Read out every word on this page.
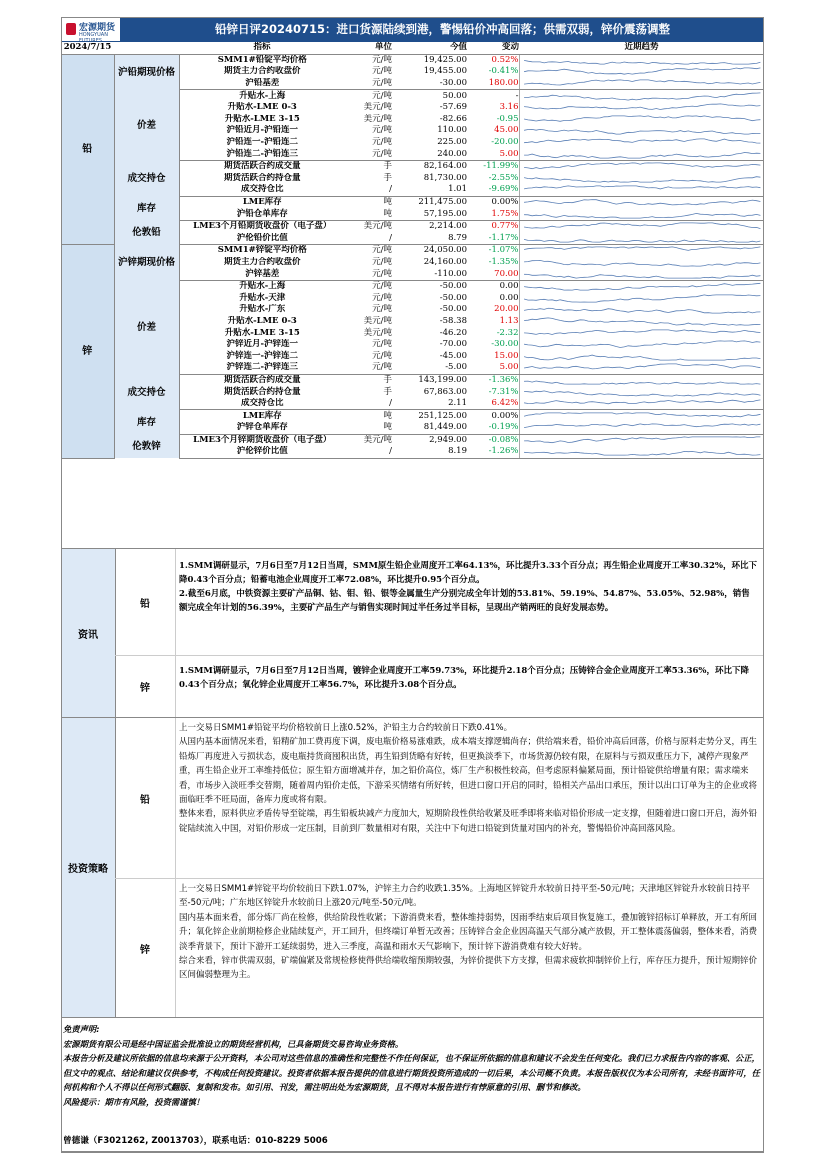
宏源期货
HONGYUAN FUTURES
铅锌日评20240715：进口货源陆续到港，警惕铅价冲高回落；供需双弱，锌价震荡调整
2024/7/15		指标	单位	今值	变动	近期趋势
铅	沪铅期现价格	SMM1#铅锭平均价格	元/吨	19,425.00	0.52%	

		期货主力合约收盘价	元/吨	19,455.00	-0.41%	

		沪铅基差	元/吨	-30.00	180.00	

	价差	升贴水-上海	元/吨	50.00	-	

		升贴水-LME 0-3	美元/吨	-57.69	3.16	

		升贴水-LME 3-15	美元/吨	-82.66	-0.95	

		沪铅近月-沪铅连一	元/吨	110.00	45.00	

		沪铅连一-沪铅连二	元/吨	225.00	-20.00	

		沪铅连二-沪铅连三	元/吨	240.00	5.00	

	成交持仓	期货活跃合约成交量	手	82,164.00	-11.99%	

		期货活跃合约持仓量	手	81,730.00	-2.55%	

		成交持仓比	/	1.01	-9.69%	

	库存	LME库存	吨	211,475.00	0.00%	

		沪铅仓单库存	吨	57,195.00	1.75%	

	伦敦铅	LME3个月铅期货收盘价（电子盘）	美元/吨	2,214.00	0.77%	

		沪伦铅价比值	/	8.79	-1.17%	

锌	沪锌期现价格	SMM1#锌锭平均价格	元/吨	24,050.00	-1.07%	

		期货主力合约收盘价	元/吨	24,160.00	-1.35%	

		沪锌基差	元/吨	-110.00	70.00	

	价差	升贴水-上海	元/吨	-50.00	0.00	

		升贴水-天津	元/吨	-50.00	0.00	

		升贴水-广东	元/吨	-50.00	20.00	

		升贴水-LME 0-3	美元/吨	-58.38	1.13	

		升贴水-LME 3-15	美元/吨	-46.20	-2.32	

		沪锌近月-沪锌连一	元/吨	-70.00	-30.00	

		沪锌连一-沪锌连二	元/吨	-45.00	15.00	

		沪锌连二-沪锌连三	元/吨	-5.00	5.00	

	成交持仓	期货活跃合约成交量	手	143,199.00	-1.36%	

		期货活跃合约持仓量	手	67,863.00	-7.31%	

		成交持仓比	/	2.11	6.42%	

	库存	LME库存	吨	251,125.00	0.00%	

		沪锌仓单库存	吨	81,449.00	-0.19%	

	伦敦锌	LME3个月锌期货收盘价（电子盘）	美元/吨	2,949.00	-0.08%	

		沪伦锌价比值	/	8.19	-1.26%	
资讯
铅

1.SMM调研显示，7月6日至7月12日当周，SMM原生铅企业周度开工率64.13%，环比提升3.33个百分点；再生铅企业周度开工率30.32%，环比下降0.43个百分点；铅蓄电池企业周度开工率72.08%，环比提升0.95个百分点。

2.截至6月底，中铁资源主要矿产品铜、钴、钼、铅、银等金属量生产分别完成全年计划的53.81%、59.19%、54.87%、53.05%、52.98%，销售额完成全年计划的56.39%，主要矿产品生产与销售实现时间过半任务过半目标，呈现出产销两旺的良好发展态势。

锌

1.SMM调研显示，7月6日至7月12日当周，镀锌企业周度开工率59.73%，环比提升2.18个百分点；压铸锌合金企业周度开工率53.36%，环比下降0.43个百分点；氧化锌企业周度开工率56.7%，环比提升3.08个百分点。

投资策略
铅

上一交易日SMM1#铅锭平均价格较前日上涨0.52%，沪铅主力合约较前日下跌0.41%。

从国内基本面情况来看，铅精矿加工费再度下调，废电瓶价格易涨难跌，成本端支撑逻辑尚存；供给端来看，铅价冲高后回落，价格与原料走势分叉，再生铅炼厂再度进入亏损状态，废电瓶持货商囤积出货，再生铅到货略有好转，但更换淡季下，市场货源仍较有限，在原料与亏损双重压力下，减停产现象严重，再生铅企业开工率维持低位；原生铅方面增减并存，加之铅价高位，炼厂生产积极性较高，但考虑原料偏紧局面，预计铅锭供给增量有限；需求端来看，市场步入淡旺季交替期，随着周内铅价走低，下游采买情绪有所好转，但进口窗口开启的同时，铅相关产品出口承压，预计以出口订单为主的企业或将面临旺季不旺局面，备库力度或将有限。

整体来看，原料供应矛盾传导至锭端，再生铅板块减产力度加大，短期阶段性供给收紧及旺季即将来临对铅价形成一定支撑，但随着进口窗口开启，海外铅锭陆续流入中国，对铅价形成一定压制，目前到厂数量相对有限，关注中下旬进口铅锭到货量对国内的补充，警惕铅价冲高回落风险。

锌

上一交易日SMM1#锌锭平均价较前日下跌1.07%，沪锌主力合约收跌1.35%。上海地区锌锭升水较前日持平至-50元/吨；天津地区锌锭升水较前日持平至-50元/吨；广东地区锌锭升水较前日上涨20元/吨至-50元/吨。

国内基本面来看，部分炼厂尚在检修，供给阶段性收紧；下游消费来看，整体维持弱势，因雨季结束后项目恢复施工，叠加镀锌招标订单释放，开工有所回升；氧化锌企业前期检修企业陆续复产，开工回升，但终端订单暂无改善；压铸锌合金企业因高温天气部分减产放假，开工整体震荡偏弱，整体来看，消费淡季背景下，预计下游开工延续弱势，进入三季度，高温和雨水天气影响下，预计锌下游消费难有较大好转。

综合来看，锌市供需双弱，矿端偏紧及常规检修使得供给端收缩预期较强，为锌价提供下方支撑，但需求疲软抑制锌价上行，库存压力提升，预计短期锌价区间偏弱整理为主。

免责声明:

宏源期货有限公司是经中国证监会批准设立的期货经营机构，已具备期货交易咨询业务资格。

本报告分析及建议所依据的信息均来源于公开资料，本公司对这些信息的准确性和完整性不作任何保证，也不保证所依据的信息和建议不会发生任何变化。我们已力求报告内容的客观、公正，但文中的观点、结论和建议仅供参考，不构成任何投资建议。投资者依据本报告提供的信息进行期货投资所造成的一切后果，本公司概不负责。本报告版权仅为本公司所有，未经书面许可，任何机构和个人不得以任何形式翻版、复制和发布。如引用、刊发，需注明出处为宏源期货，且不得对本报告进行有悖原意的引用、删节和修改。

风险提示：期市有风险，投资需谨慎！

曾德谦（F3021262, Z0013703），联系电话：010-8229 5006
